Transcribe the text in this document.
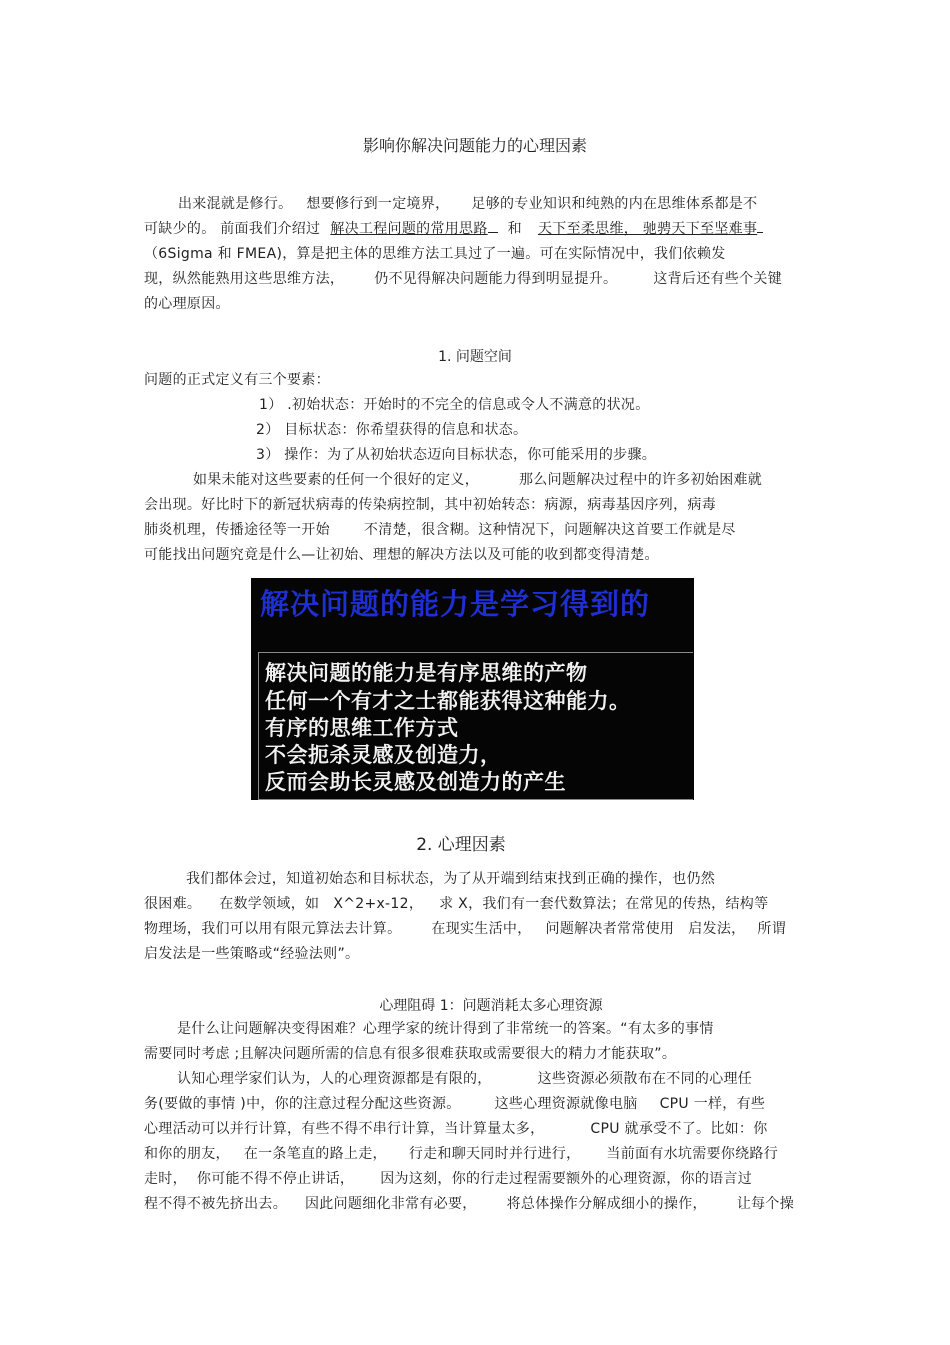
影响你解决问题能力的心理因素
出来混就是修行。 想要修行到一定境界， 足够的专业知识和纯熟的内在思维体系都是不
可缺少的。 前面我们介绍过 解决工程问题的常用思路 和 天下至柔思维， 驰骋天下至坚难事
（6Sigma 和 FMEA)，算是把主体的思维方法工具过了一遍。可在实际情况中，我们依赖发
现，纵然能熟用这些思维方法， 仍不见得解决问题能力得到明显提升。	这背后还有些个关键
的心理原因。
1. 问题空间
问题的正式定义有三个要素：
1） .初始状态：开始时的不完全的信息或令人不满意的状况。
2） 目标状态：你希望获得的信息和状态。
3） 操作：为了从初始状态迈向目标状态，你可能采用的步骤。
如果未能对这些要素的任何一个很好的定义，	那么问题解决过程中的许多初始困难就
会出现。好比时下的新冠状病毒的传染病控制，其中初始转态：病源，病毒基因序列，病毒
肺炎机理，传播途径等一开始 不清楚，很含糊。这种情况下，问题解决这首要工作就是尽
可能找出问题究竟是什么—让初始、理想的解决方法以及可能的收到都变得清楚。
解决问题的能力是学习得到的
解决问题的能力是有序思维的产物
任何一个有才之士都能获得这种能力。
有序的思维工作方式
不会扼杀灵感及创造力，
反而会助长灵感及创造力的产生
2. 心理因素
我们都体会过，知道初始态和目标状态，为了从开端到结束找到正确的操作，也仍然
很困难。 在数学领域，如 X^2+x-12， 求 X，我们有一套代数算法；在常见的传热，结构等
物理场，我们可以用有限元算法去计算。 在现实生活中， 问题解决者常常使用 启发法， 所谓
启发法是一些策略或“经验法则”。
心理阻碍 1：问题消耗太多心理资源
是什么让问题解决变得困难？心理学家的统计得到了非常统一的答案。“有太多的事情
需要同时考虑 ;且解决问题所需的信息有很多很难获取或需要很大的精力才能获取”。
认知心理学家们认为，人的心理资源都是有限的，	这些资源必须散布在不同的心理任
务(要做的事情 )中，你的注意过程分配这些资源。 这些心理资源就像电脑 CPU 一样，有些
心理活动可以并行计算，有些不得不串行计算，当计算量太多，	CPU 就承受不了。比如：你
和你的朋友， 在一条笔直的路上走， 行走和聊天同时并行进行， 当前面有水坑需要你绕路行
走时， 你可能不得不停止讲话， 因为这刻，你的行走过程需要额外的心理资源，你的语言过
程不得不被先挤出去。 因此问题细化非常有必要， 将总体操作分解成细小的操作， 让每个操
